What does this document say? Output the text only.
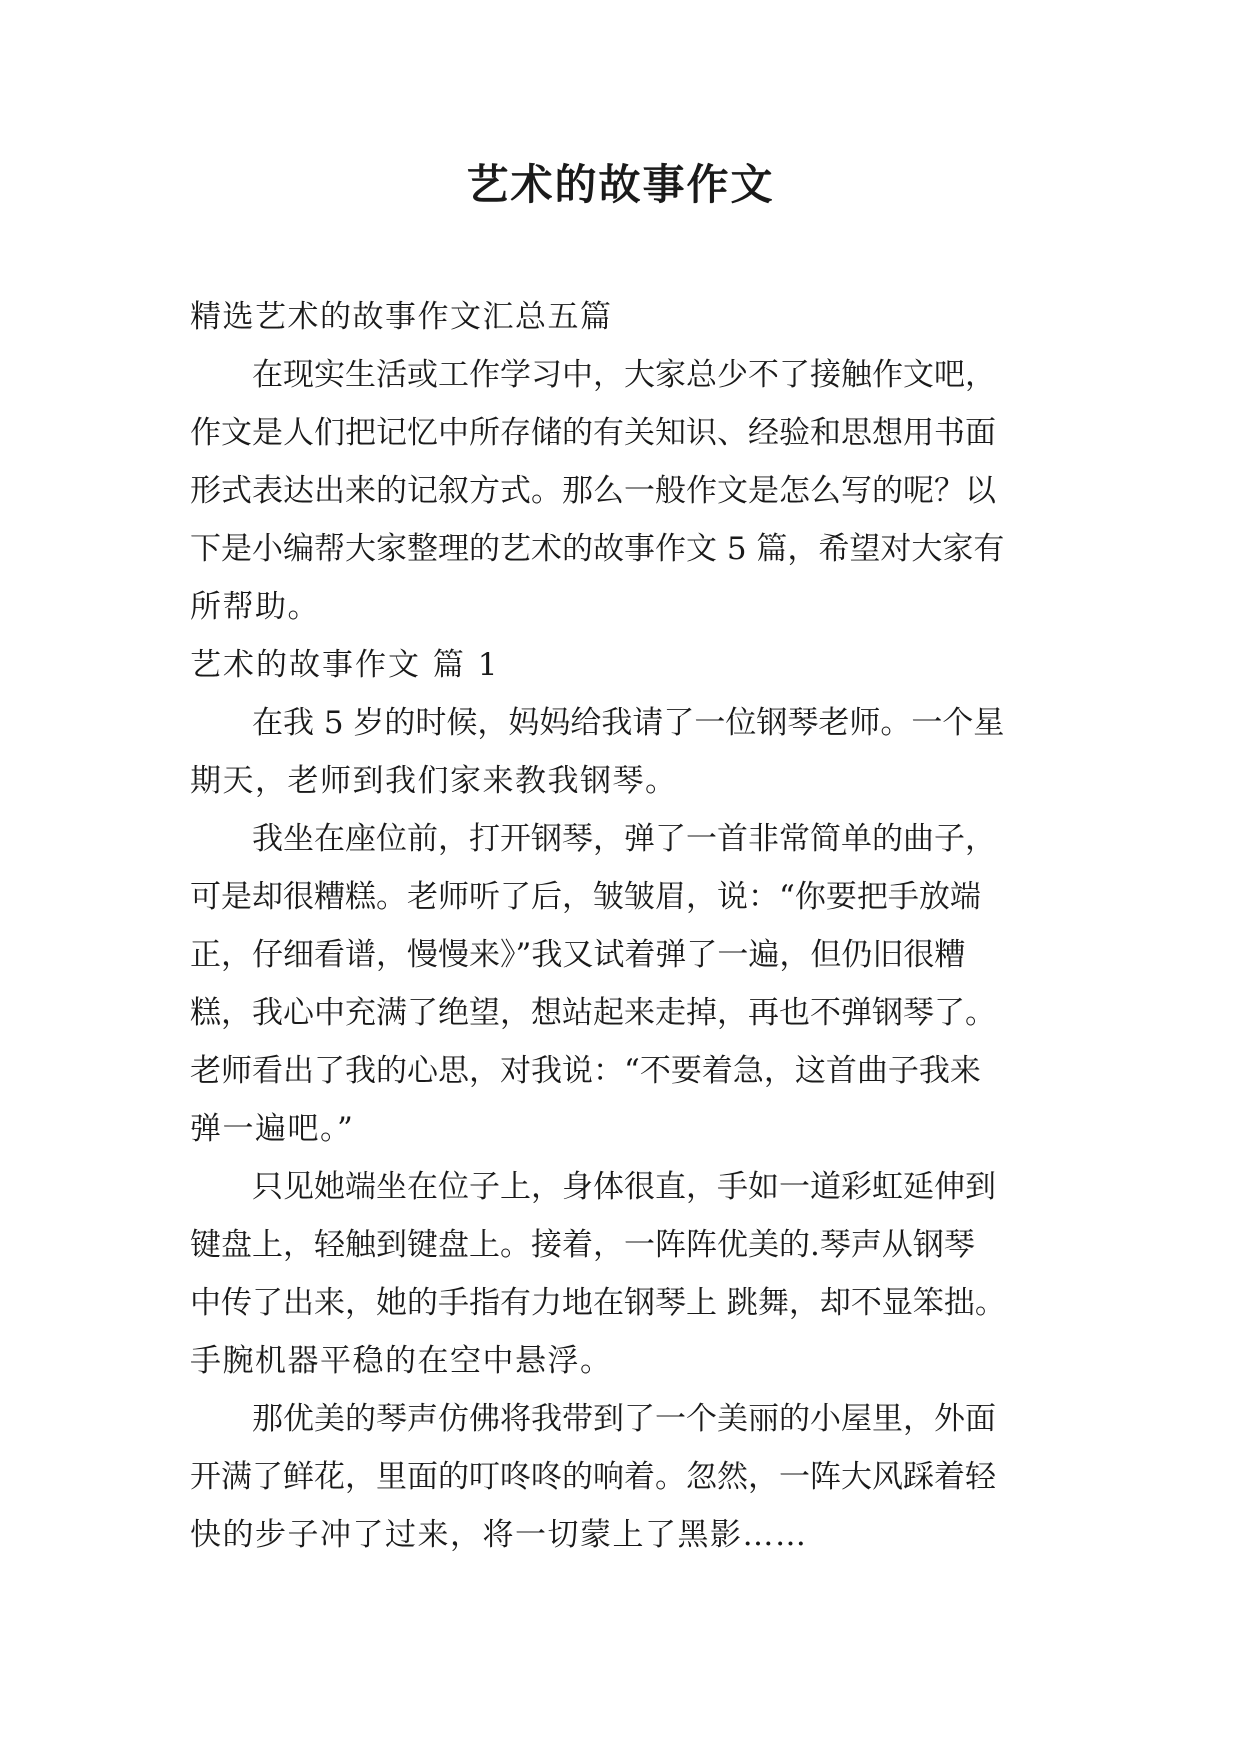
艺术的故事作文
精选艺术的故事作文汇总五篇
　　在现实生活或工作学习中，大家总少不了接触作文吧，
作文是人们把记忆中所存储的有关知识、经验和思想用书面
形式表达出来的记叙方式。那么一般作文是怎么写的呢？以
下是小编帮大家整理的艺术的故事作文 5 篇，希望对大家有
所帮助。
艺术的故事作文 篇 1
　　在我 5 岁的时候，妈妈给我请了一位钢琴老师。一个星
期天，老师到我们家来教我钢琴。
　　我坐在座位前，打开钢琴，弹了一首非常简单的曲子，
可是却很糟糕。老师听了后，皱皱眉，说：“你要把手放端
正，仔细看谱，慢慢来》”我又试着弹了一遍，但仍旧很糟
糕，我心中充满了绝望，想站起来走掉，再也不弹钢琴了。
老师看出了我的心思，对我说：“不要着急，这首曲子我来
弹一遍吧。”
　　只见她端坐在位子上，身体很直，手如一道彩虹延伸到
键盘上，轻触到键盘上。接着，一阵阵优美的.琴声从钢琴
中传了出来，她的手指有力地在钢琴上 跳舞，却不显笨拙。
手腕机器平稳的在空中悬浮。
　　那优美的琴声仿佛将我带到了一个美丽的小屋里，外面
开满了鲜花，里面的叮咚咚的响着。忽然，一阵大风踩着轻
快的步子冲了过来，将一切蒙上了黑影……
